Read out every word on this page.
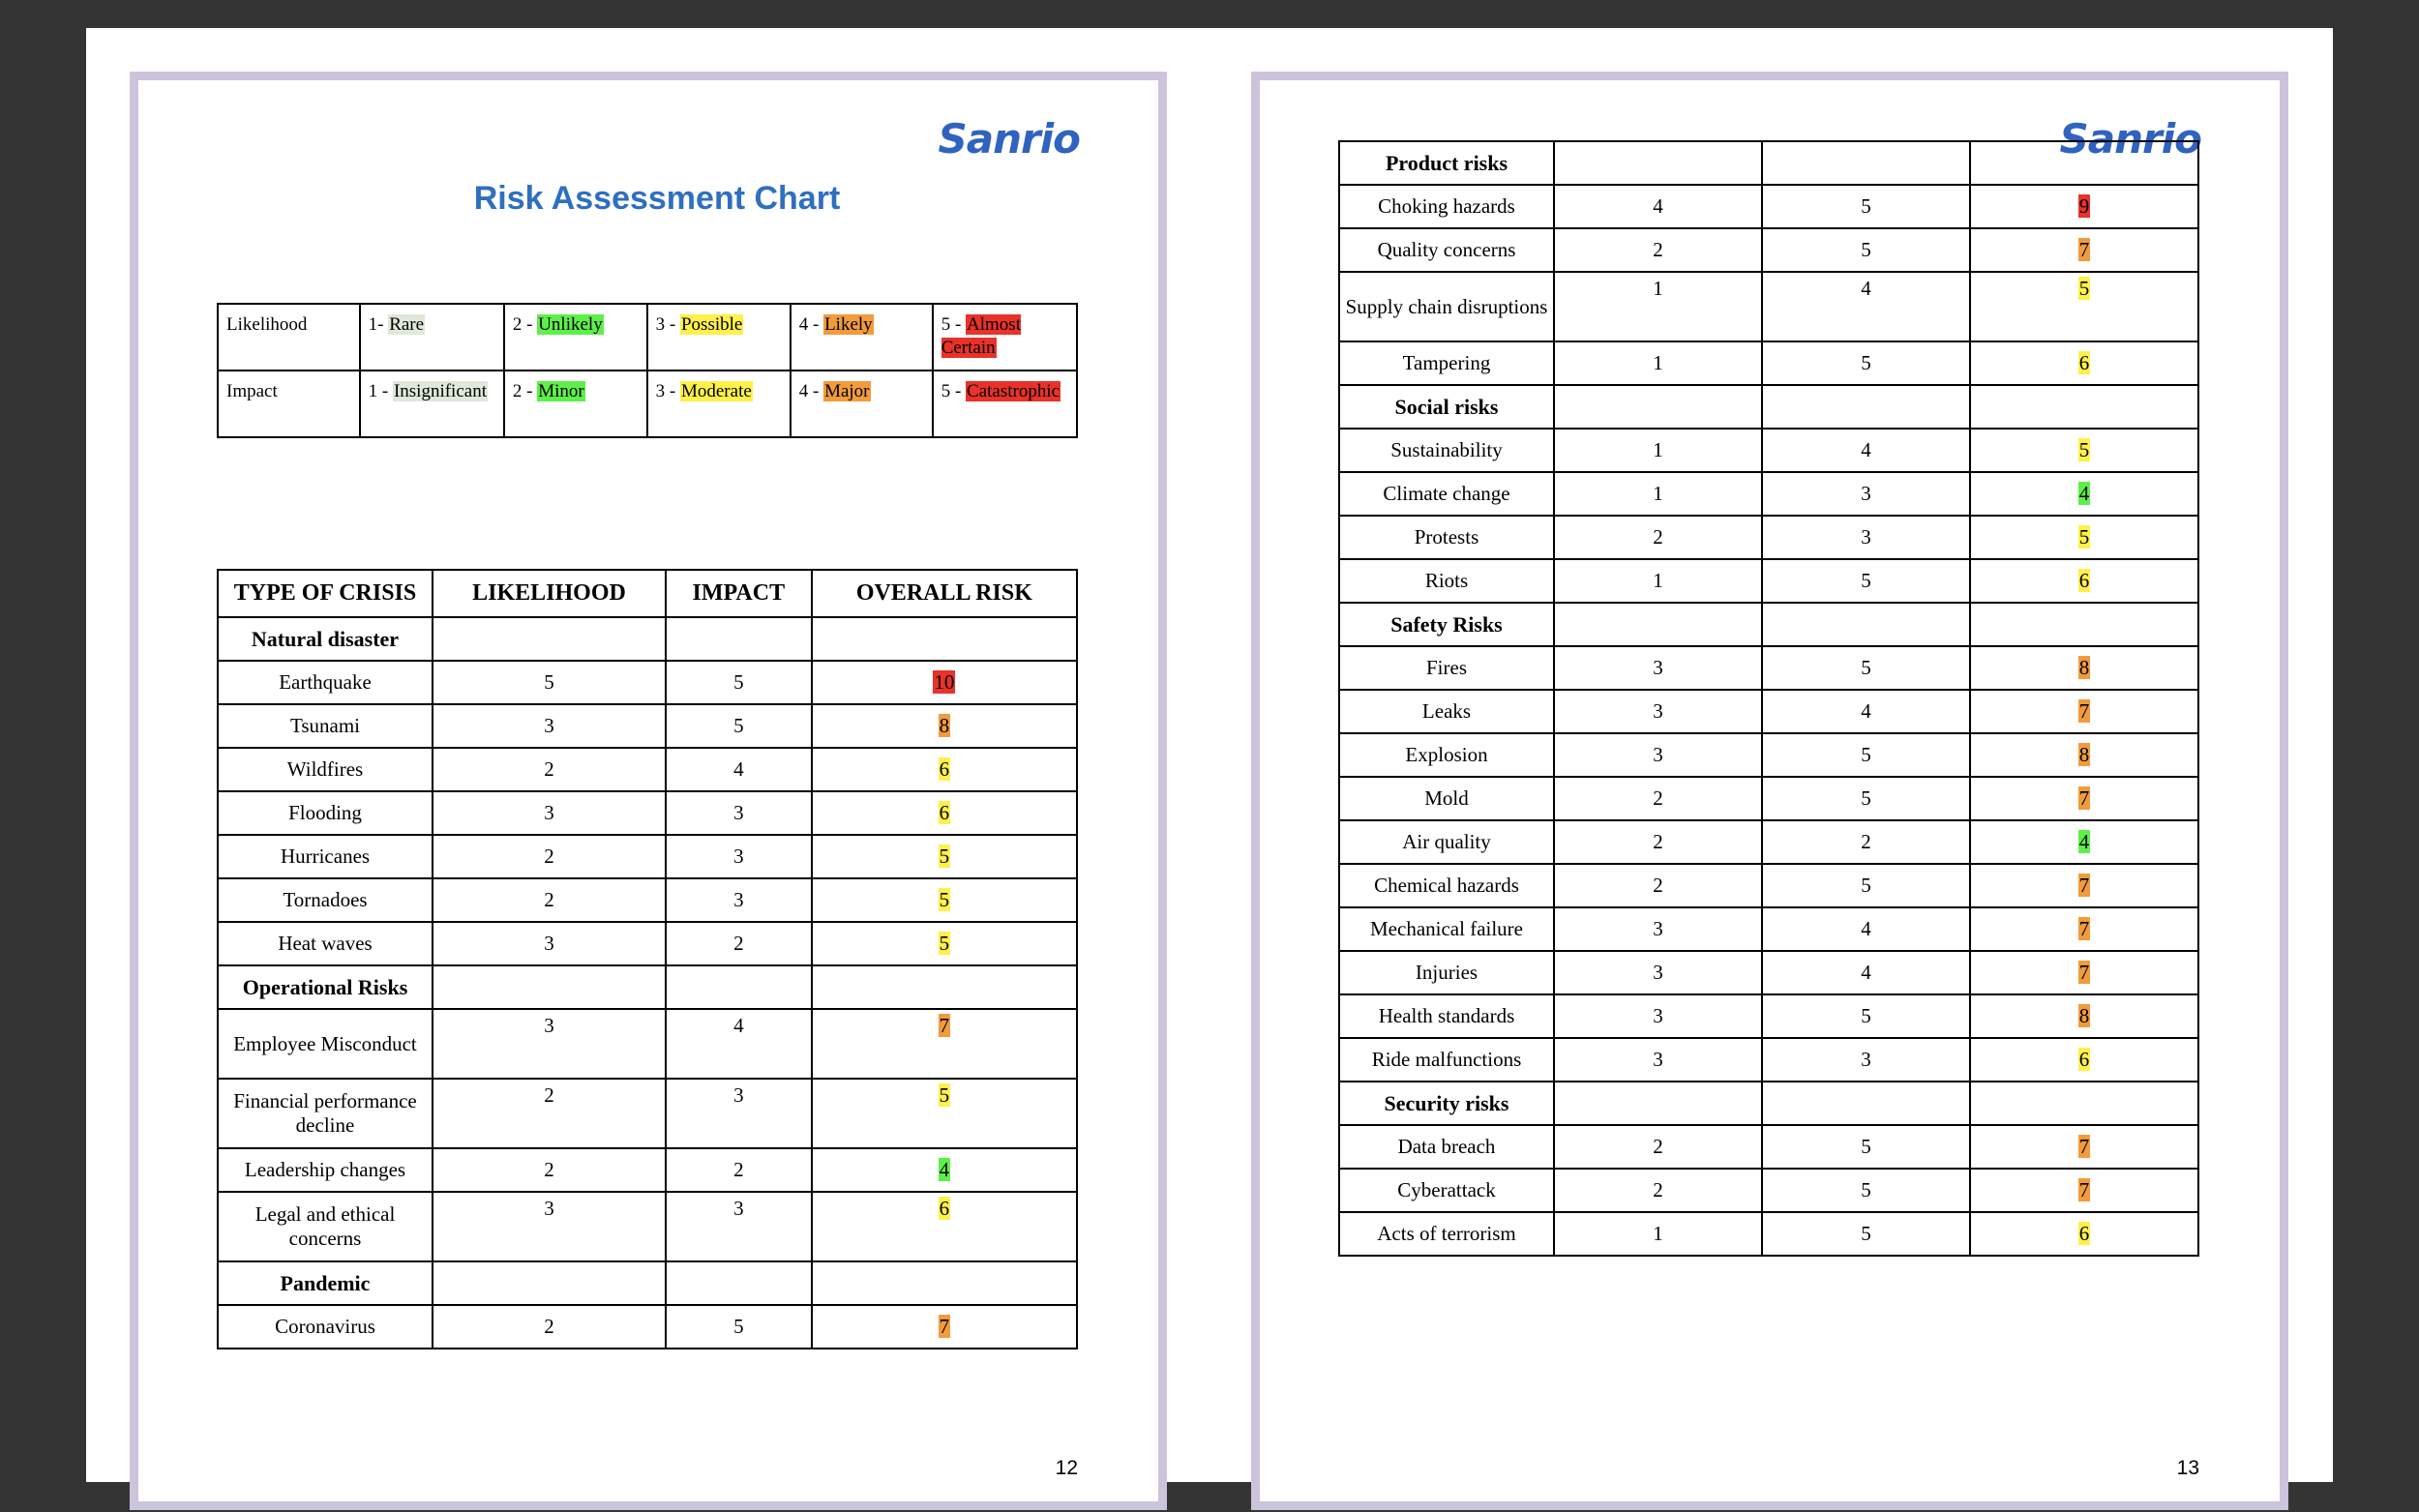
Sanrio
Risk Assessment Chart
Likelihood	1- Rare	2 - Unlikely	3 - Possible	4 - Likely	5 - Almost Certain
Impact	1 - Insignificant	2 - Minor	3 - Moderate	4 - Major	5 - Catastrophic
TYPE OF CRISIS	LIKELIHOOD	IMPACT	OVERALL RISK
Natural disaster			
Earthquake	5	5	10
Tsunami	3	5	8
Wildfires	2	4	6
Flooding	3	3	6
Hurricanes	2	3	5
Tornadoes	2	3	5
Heat waves	3	2	5
Operational Risks			
Employee Misconduct	3	4	7
Financial performance decline	2	3	5
Leadership changes	2	2	4
Legal and ethical concerns	3	3	6
Pandemic			
Coronavirus	2	5	7
12
Sanrio
Product risks			
Choking hazards	4	5	9
Quality concerns	2	5	7
Supply chain disruptions	1	4	5
Tampering	1	5	6
Social risks			
Sustainability	1	4	5
Climate change	1	3	4
Protests	2	3	5
Riots	1	5	6
Safety Risks			
Fires	3	5	8
Leaks	3	4	7
Explosion	3	5	8
Mold	2	5	7
Air quality	2	2	4
Chemical hazards	2	5	7
Mechanical failure	3	4	7
Injuries	3	4	7
Health standards	3	5	8
Ride malfunctions	3	3	6
Security risks			
Data breach	2	5	7
Cyberattack	2	5	7
Acts of terrorism	1	5	6
13
